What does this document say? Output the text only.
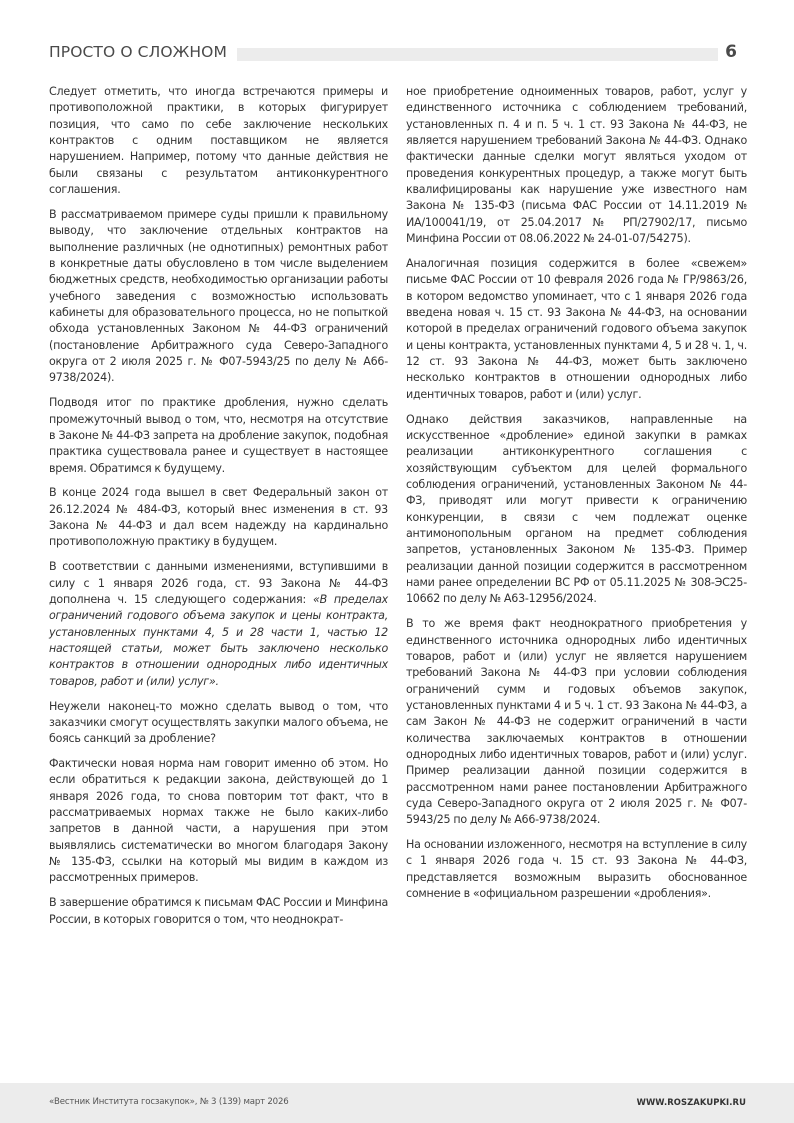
ПРОСТО О СЛОЖНОМ	6

Следует отметить, что иногда встречаются примеры и противоположной практики, в которых фигурирует позиция, что само по себе заключение нескольких контрактов с одним поставщиком не является нарушением. Например, потому что данные действия не были связаны с результатом антиконкурентного соглашения.

В рассматриваемом примере суды пришли к правильному выводу, что заключение отдельных контрактов на выполнение различных (не однотипных) ремонтных работ в конкретные даты обусловлено в том числе выделением бюджетных средств, необходимостью организации работы учебного заведения с возможностью использовать кабинеты для образовательного процесса, но не попыткой обхода установленных Законом № 44-ФЗ ограничений (постановление Арбитражного суда Северо-Западного округа от 2 июля 2025 г. № Ф07-5943/25 по делу № А66-9738/2024).

Подводя итог по практике дробления, нужно сделать промежуточный вывод о том, что, несмотря на отсутствие в Законе № 44-ФЗ запрета на дробление закупок, подобная практика существовала ранее и существует в настоящее время. Обратимся к будущему.

В конце 2024 года вышел в свет Федеральный закон от 26.12.2024 № 484-ФЗ, который внес изменения в ст. 93 Закона № 44-ФЗ и дал всем надежду на кардинально противоположную практику в будущем.

В соответствии с данными изменениями, вступившими в силу с 1 января 2026 года, ст. 93 Закона № 44-ФЗ дополнена ч. 15 следующего содержания: «В пределах ограничений годового объема закупок и цены контракта, установленных пунктами 4, 5 и 28 части 1, частью 12 настоящей статьи, может быть заключено несколько контрактов в отношении однородных либо идентичных товаров, работ и (или) услуг».

Неужели наконец-то можно сделать вывод о том, что заказчики смогут осуществлять закупки малого объема, не боясь санкций за дробление?

Фактически новая норма нам говорит именно об этом. Но если обратиться к редакции закона, действующей до 1 января 2026 года, то снова повторим тот факт, что в рассматриваемых нормах также не было каких-либо запретов в данной части, а нарушения при этом выявлялись систематически во многом благодаря Закону № 135-ФЗ, ссылки на который мы видим в каждом из рассмотренных примеров.

В завершение обратимся к письмам ФАС России и Минфина России, в которых говорится о том, что неоднократ-

ное приобретение одноименных товаров, работ, услуг у единственного источника с соблюдением требований, установленных п. 4 и п. 5 ч. 1 ст. 93 Закона № 44-ФЗ, не является нарушением требований Закона № 44-ФЗ. Однако фактически данные сделки могут являться уходом от проведения конкурентных процедур, а также могут быть квалифицированы как нарушение уже известного нам Закона № 135-ФЗ (письма ФАС России от 14.11.2019 № ИА/100041/19, от 25.04.2017 № РП/27902/17, письмо Минфина России от 08.06.2022 № 24-01-07/54275).

Аналогичная позиция содержится в более «свежем» письме ФАС России от 10 февраля 2026 года № ГР/9863/26, в котором ведомство упоминает, что с 1 января 2026 года введена новая ч. 15 ст. 93 Закона № 44-ФЗ, на основании которой в пределах ограничений годового объема закупок и цены контракта, установленных пунктами 4, 5 и 28 ч. 1, ч. 12 ст. 93 Закона № 44-ФЗ, может быть заключено несколько контрактов в отношении однородных либо идентичных товаров, работ и (или) услуг.

Однако действия заказчиков, направленные на искусственное «дробление» единой закупки в рамках реализации антиконкурентного соглашения с хозяйствующим субъектом для целей формального соблюдения ограничений, установленных Законом № 44-ФЗ, приводят или могут привести к ограничению конкуренции, в связи с чем подлежат оценке антимонопольным органом на предмет соблюдения запретов, установленных Законом № 135-ФЗ. Пример реализации данной позиции содержится в рассмотренном нами ранее определении ВС РФ от 05.11.2025 № 308-ЭС25-10662 по делу № А63-12956/2024.

В то же время факт неоднократного приобретения у единственного источника однородных либо идентичных товаров, работ и (или) услуг не является нарушением требований Закона № 44-ФЗ при условии соблюдения ограничений сумм и годовых объемов закупок, установленных пунктами 4 и 5 ч. 1 ст. 93 Закона № 44-ФЗ, а сам Закон № 44-ФЗ не содержит ограничений в части количества заключаемых контрактов в отношении однородных либо идентичных товаров, работ и (или) услуг. Пример реализации данной позиции содержится в рассмотренном нами ранее постановлении Арбитражного суда Северо-Западного округа от 2 июля 2025 г. № Ф07-5943/25 по делу № А66-9738/2024.

На основании изложенного, несмотря на вступление в силу с 1 января 2026 года ч. 15 ст. 93 Закона № 44-ФЗ, представляется возможным выразить обоснованное сомнение в «официальном разрешении «дробления».

«Вестник Института госзакупок», № 3 (139) март 2026	WWW.ROSZAKUPKI.RU
